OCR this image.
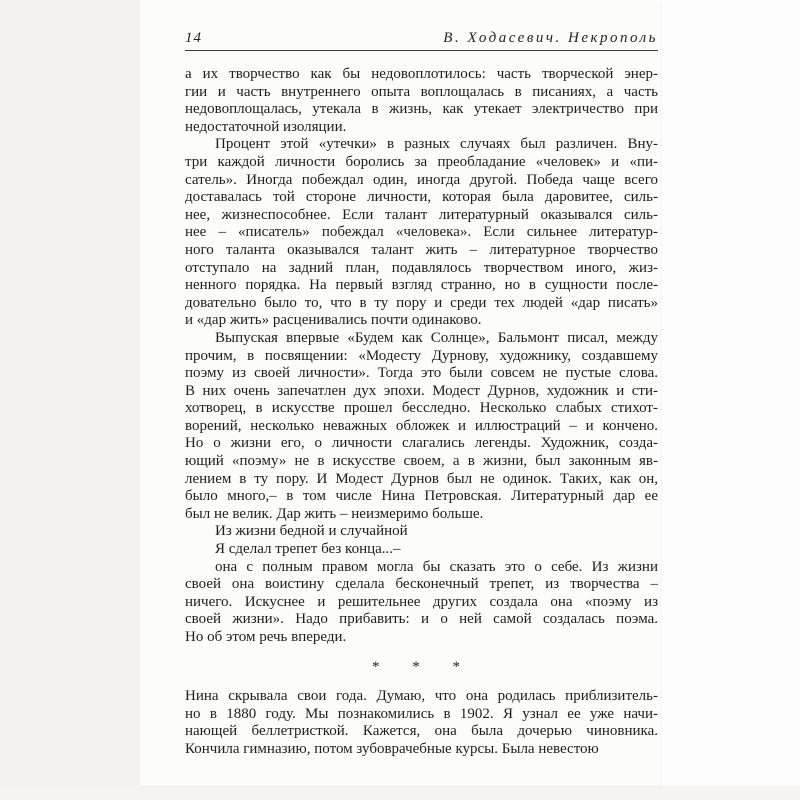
14	В. Ходасевич. Некрополь
а их творчество как бы недовоплотилось: часть творческой энер-
гии и часть внутреннего опыта воплощалась в писаниях, а часть
недовоплощалась, утекала в жизнь, как утекает электричество при
недостаточной изоляции.
Процент этой «утечки» в разных случаях был различен. Вну-
три каждой личности боролись за преобладание «человек» и «пи-
сатель». Иногда побеждал один, иногда другой. Победа чаще всего
доставалась той стороне личности, которая была даровитее, силь-
нее, жизнеспособнее. Если талант литературный оказывался силь-
нее – «писатель» побеждал «человека». Если сильнее литератур-
ного таланта оказывался талант жить – литературное творчество
отступало на задний план, подавлялось творчеством иного, жиз-
ненного порядка. На первый взгляд странно, но в сущности после-
довательно было то, что в ту пору и среди тех людей «дар писать»
и «дар жить» расценивались почти одинаково.
Выпуская впервые «Будем как Солнце», Бальмонт писал, между
прочим, в посвящении: «Модесту Дурнову, художнику, создавшему
поэму из своей личности». Тогда это были совсем не пустые слова.
В них очень запечатлен дух эпохи. Модест Дурнов, художник и сти-
хотворец, в искусстве прошел бесследно. Несколько слабых стихот-
ворений, несколько неважных обложек и иллюстраций – и кончено.
Но о жизни его, о личности слагались легенды. Художник, созда-
ющий «поэму» не в искусстве своем, а в жизни, был законным яв-
лением в ту пору. И Модест Дурнов был не одинок. Таких, как он,
было много,– в том числе Нина Петровская. Литературный дар ее
был не велик. Дар жить – неизмеримо больше.
Из жизни бедной и случайной
Я сделал трепет без конца...–
она с полным правом могла бы сказать это о себе. Из жизни
своей она воистину сделала бесконечный трепет, из творчества –
ничего. Искуснее и решительнее других создала она «поэму из
своей жизни». Надо прибавить: и о ней самой создалась поэма.
Но об этом речь впереди.
* * *
Нина скрывала свои года. Думаю, что она родилась приблизитель-
но в 1880 году. Мы познакомились в 1902. Я узнал ее уже начи-
нающей беллетристкой. Кажется, она была дочерью чиновника.
Кончила гимназию, потом зубоврачебные курсы. Была невестою
